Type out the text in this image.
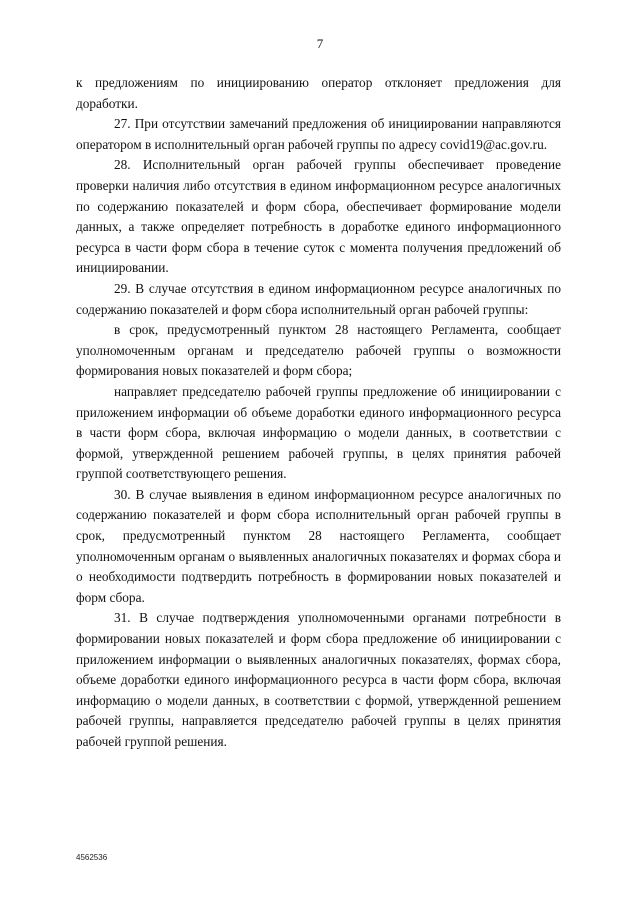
7

к предложениям по инициированию оператор отклоняет предложения для доработки.

27. При отсутствии замечаний предложения об инициировании направляются оператором в исполнительный орган рабочей группы по адресу covid19@ac.gov.ru.

28. Исполнительный орган рабочей группы обеспечивает проведение проверки наличия либо отсутствия в едином информационном ресурсе аналогичных по содержанию показателей и форм сбора, обеспечивает формирование модели данных, а также определяет потребность в доработке единого информационного ресурса в части форм сбора в течение суток с момента получения предложений об инициировании.

29. В случае отсутствия в едином информационном ресурсе аналогичных по содержанию показателей и форм сбора исполнительный орган рабочей группы:

в срок, предусмотренный пунктом 28 настоящего Регламента, сообщает уполномоченным органам и председателю рабочей группы о возможности формирования новых показателей и форм сбора;

направляет председателю рабочей группы предложение об инициировании с приложением информации об объеме доработки единого информационного ресурса в части форм сбора, включая информацию о модели данных, в соответствии с формой, утвержденной решением рабочей группы, в целях принятия рабочей группой соответствующего решения.

30. В случае выявления в едином информационном ресурсе аналогичных по содержанию показателей и форм сбора исполнительный орган рабочей группы в срок, предусмотренный пунктом 28 настоящего Регламента, сообщает уполномоченным органам о выявленных аналогичных показателях и формах сбора и о необходимости подтвердить потребность в формировании новых показателей и форм сбора.

31. В случае подтверждения уполномоченными органами потребности в формировании новых показателей и форм сбора предложение об инициировании с приложением информации о выявленных аналогичных показателях, формах сбора, объеме доработки единого информационного ресурса в части форм сбора, включая информацию о модели данных, в соответствии с формой, утвержденной решением рабочей группы, направляется председателю рабочей группы в целях принятия рабочей группой решения.

4562536
